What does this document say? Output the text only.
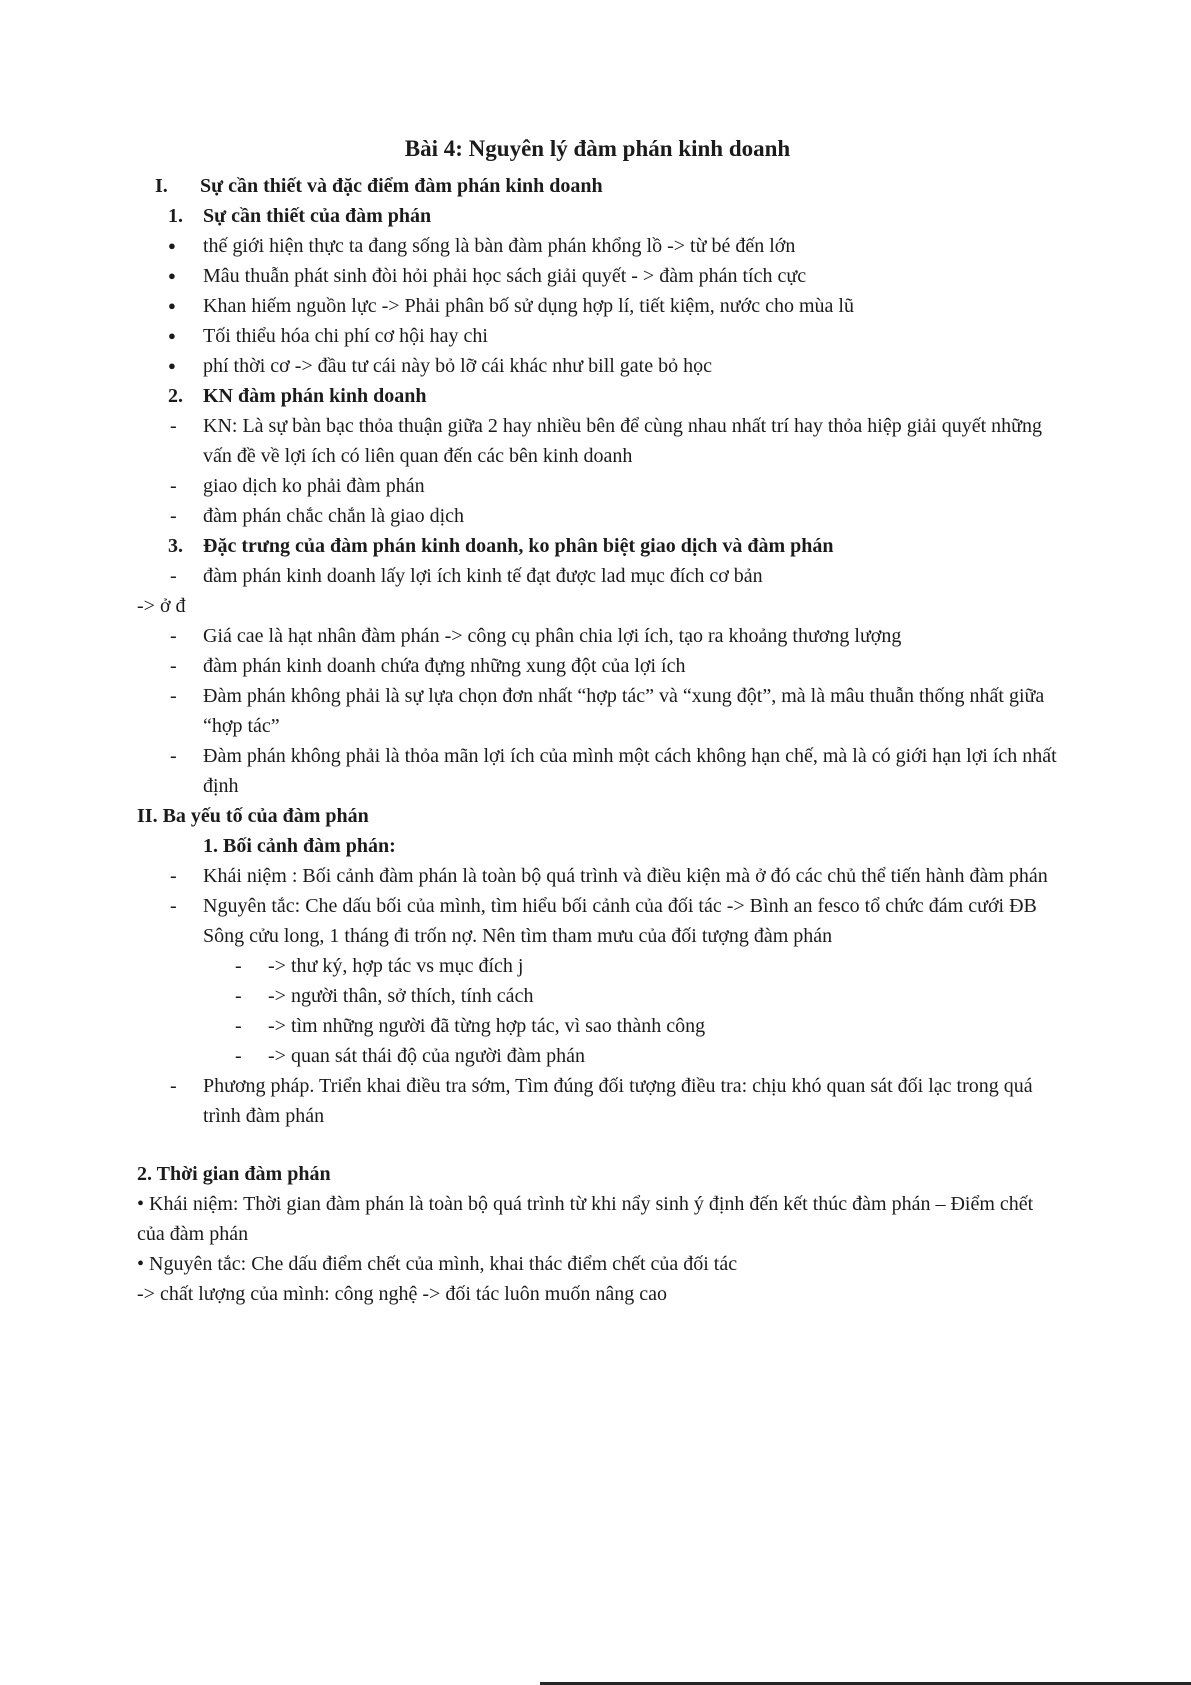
Bài 4: Nguyên lý đàm phán kinh doanh
I.	Sự cần thiết và đặc điểm đàm phán kinh doanh
1.	Sự cần thiết của đàm phán
●	thế giới hiện thực ta đang sống là bàn đàm phán khổng lồ -> từ bé đến lớn
●	Mâu thuẫn phát sinh đòi hỏi phải học sách giải quyết - > đàm phán tích cực
●	Khan hiếm nguồn lực -> Phải phân bố sử dụng hợp lí, tiết kiệm, nước cho mùa lũ
●	Tối thiểu hóa chi phí cơ hội hay chi
●	phí thời cơ -> đầu tư cái này bỏ lỡ cái khác như bill gate bỏ học
2.	KN đàm phán kinh doanh
-	KN: Là sự bàn bạc thỏa thuận giữa 2 hay nhiều bên để cùng nhau nhất trí hay thỏa hiệp giải quyết những vấn đề về lợi ích có liên quan đến các bên kinh doanh
-	giao dịch ko phải đàm phán
-	đàm phán chắc chắn là giao dịch
3.	Đặc trưng của đàm phán kinh doanh, ko phân biệt giao dịch và đàm phán
-	đàm phán kinh doanh lấy lợi ích kinh tế đạt được lad mục đích cơ bản
-> ở đ
-	Giá cae là hạt nhân đàm phán -> công cụ phân chia lợi ích, tạo ra khoảng thương lượng
-	đàm phán kinh doanh chứa đựng những xung đột của lợi ích
-	Đàm phán không phải là sự lựa chọn đơn nhất “hợp tác” và “xung đột”, mà là mâu thuẫn thống nhất giữa “hợp tác”
-	Đàm phán không phải là thỏa mãn lợi ích của mình một cách không hạn chế, mà là có giới hạn lợi ích nhất định
II. Ba yếu tố của đàm phán
1. Bối cảnh đàm phán:
-	Khái niệm : Bối cảnh đàm phán là toàn bộ quá trình và điều kiện mà ở đó các chủ thể tiến hành đàm phán
-	Nguyên tắc: Che dấu bối của mình, tìm hiểu bối cảnh của đối tác -> Bình an fesco tổ chức đám cưới ĐB Sông cửu long, 1 tháng đi trốn nợ. Nên tìm tham mưu của đối tượng đàm phán
-	-> thư ký, hợp tác vs mục đích j
-	-> người thân, sở thích, tính cách
-	-> tìm những người đã từng hợp tác, vì sao thành công
-	-> quan sát thái độ của người đàm phán
-	Phương pháp. Triển khai điều tra sớm, Tìm đúng đối tượng điều tra: chịu khó quan sát đối lạc trong quá trình đàm phán
2. Thời gian đàm phán
• Khái niệm: Thời gian đàm phán là toàn bộ quá trình từ khi nẩy sinh ý định đến kết thúc đàm phán – Điểm chết của đàm phán
• Nguyên tắc: Che dấu điểm chết của mình, khai thác điểm chết của đối tác
-> chất lượng của mình: công nghệ -> đối tác luôn muốn nâng cao
